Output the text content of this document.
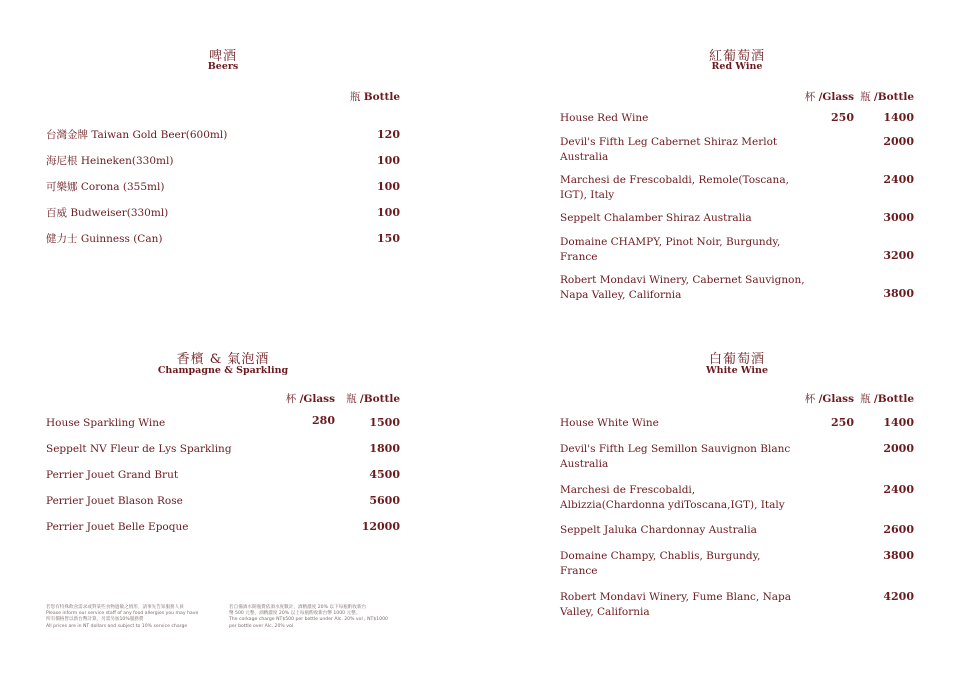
啤酒
Beers
瓶 Bottle
台灣金牌 Taiwan Gold Beer(600ml)	120
海尼根 Heineken(330ml)	100
可樂娜 Corona (355ml)	100
百威 Budweiser(330ml)	100
健力士 Guinness (Can)	150
紅葡萄酒
Red Wine
杯 /Glass 瓶 /Bottle
House Red Wine	250	1400
Devil's Fifth Leg Cabernet Shiraz Merlot Australia
2000
Marchesi de Frescobaldi, Remole(Toscana, IGT), Italy
2400
Seppelt Chalamber Shiraz Australia	3000
Domaine CHAMPY, Pinot Noir, Burgundy, France	3200
Robert Mondavi Winery, Cabernet Sauvignon, Napa Valley, California	3800
香檳 & 氣泡酒
Champagne & Sparkling
杯 /Glass 瓶 /Bottle
House Sparkling Wine	280	1500
Seppelt NV Fleur de Lys Sparkling	1800
Perrier Jouet Grand Brut	4500
Perrier Jouet Blason Rose	5600
Perrier Jouet Belle Epoque	12000
白葡萄酒
White Wine
杯 /Glass 瓶 /Bottle
House White Wine	250	1400
Devil's Fifth Leg Semillon Sauvignon Blanc Australia
2000
Marchesi de Frescobaldi, Albizzia(Chardonna ydiToscana,IGT), Italy
2400
Seppelt Jaluka Chardonnay Australia	2600
Domaine Champy, Chablis, Burgundy, France
3800
Robert Mondavi Winery, Fume Blanc, Napa Valley, California
4200
若您有特殊飲食需求或對某些食物過敏之情形，請事先告知服務人員
Please inform our service staff of any food allergies you may have
所有價格皆以新台幣計算，另需另加10%服務費
All prices are in NT dollars and subject to 10% service charge
若自備酒水開瓶費依酒水度數計，酒精濃度 20% 以下每瓶酌收新台
幣 500 元整，酒精濃度 20% 以上每瓶酌收新台幣 1000 元整。
The corkage charge NT$500 per bottle under Alc. 20% vol , NT$1000
per bottle over Alc. 20% vol
